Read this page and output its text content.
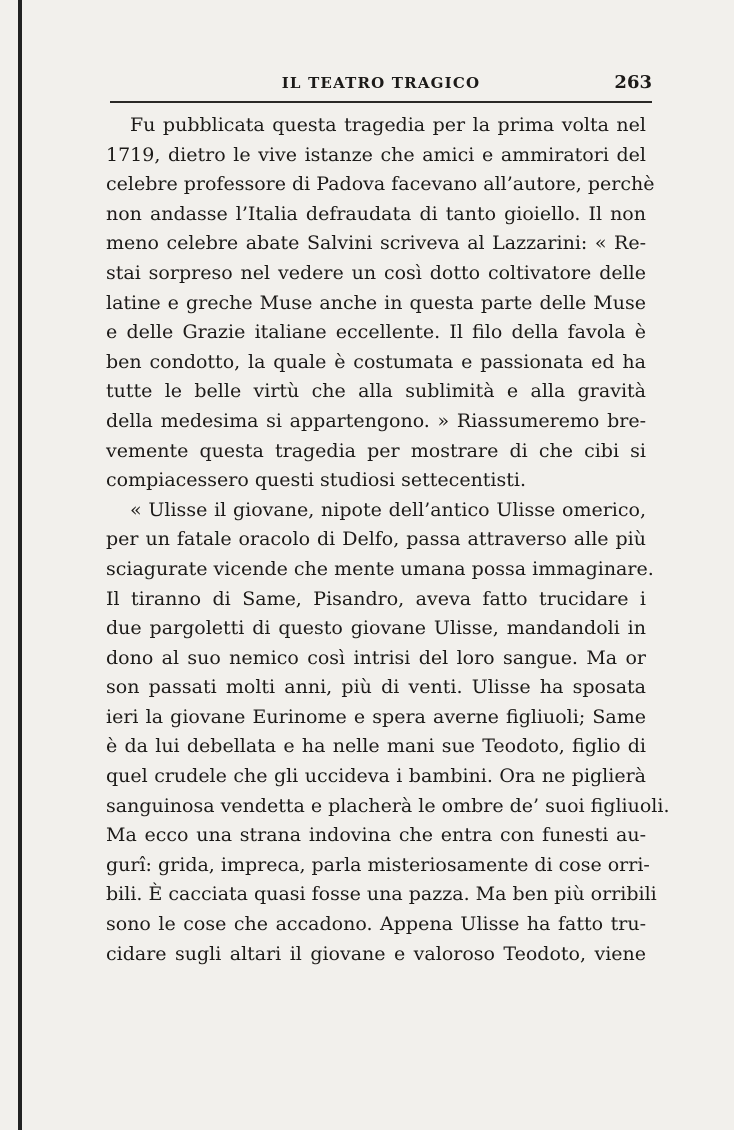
IL TEATRO TRAGICO	263
Fu pubblicata questa tragedia per la prima volta nel
1719, dietro le vive istanze che amici e ammiratori del
celebre professore di Padova facevano all’autore, perchè
non andasse l’Italia defraudata di tanto gioiello. Il non
meno celebre abate Salvini scriveva al Lazzarini: « Re-
stai sorpreso nel vedere un così dotto coltivatore delle
latine e greche Muse anche in questa parte delle Muse
e delle Grazie italiane eccellente. Il filo della favola è
ben condotto, la quale è costumata e passionata ed ha
tutte le belle virtù che alla sublimità e alla gravità
della medesima si appartengono. » Riassumeremo bre-
vemente questa tragedia per mostrare di che cibi si
compiacessero questi studiosi settecentisti.
« Ulisse il giovane, nipote dell’antico Ulisse omerico,
per un fatale oracolo di Delfo, passa attraverso alle più
sciagurate vicende che mente umana possa immaginare.
Il tiranno di Same, Pisandro, aveva fatto trucidare i
due pargoletti di questo giovane Ulisse, mandandoli in
dono al suo nemico così intrisi del loro sangue. Ma or
son passati molti anni, più di venti. Ulisse ha sposata
ieri la giovane Eurinome e spera averne figliuoli; Same
è da lui debellata e ha nelle mani sue Teodoto, figlio di
quel crudele che gli uccideva i bambini. Ora ne piglierà
sanguinosa vendetta e placherà le ombre de’ suoi figliuoli.
Ma ecco una strana indovina che entra con funesti au-
gurî: grida, impreca, parla misteriosamente di cose orri-
bili. È cacciata quasi fosse una pazza. Ma ben più orribili
sono le cose che accadono. Appena Ulisse ha fatto tru-
cidare sugli altari il giovane e valoroso Teodoto, viene
